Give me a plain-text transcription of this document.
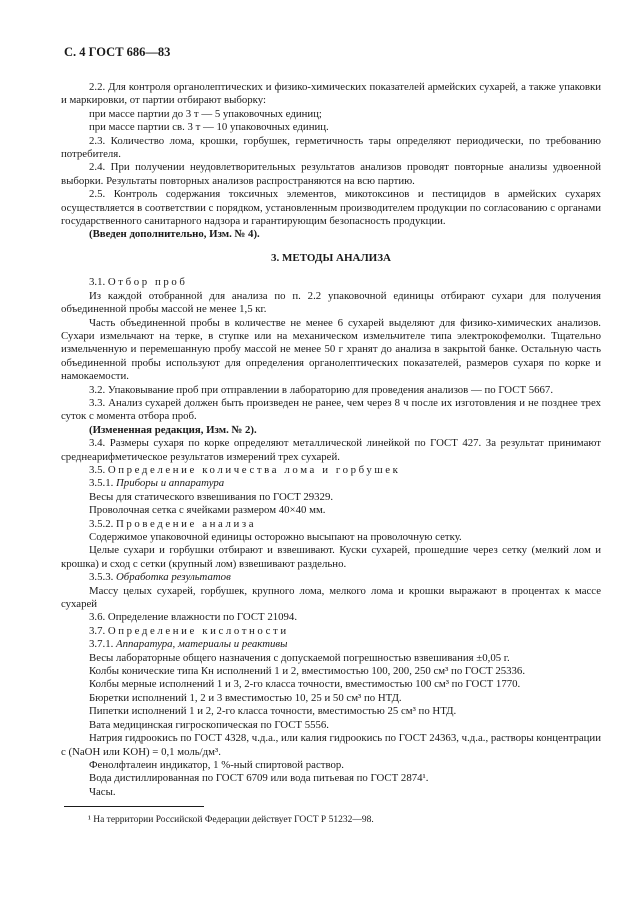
С. 4 ГОСТ 686—83

2.2. Для контроля органолептических и физико-химических показателей армейских сухарей, а также упаковки и маркировки, от партии отбирают выборку:

при массе партии до 3 т — 5 упаковочных единиц;

при массе партии св. 3 т — 10 упаковочных единиц.

2.3. Количество лома, крошки, горбушек, герметичность тары определяют периодически, по требованию потребителя.

2.4. При получении неудовлетворительных результатов анализов проводят повторные анализы удвоенной выборки. Результаты повторных анализов распространяются на всю партию.

2.5. Контроль содержания токсичных элементов, микотоксинов и пестицидов в армейских сухарях осуществляется в соответствии с порядком, установленным производителем продукции по согласованию с органами государственного санитарного надзора и гарантирующим безопасность продукции.

(Введен дополнительно, Изм. № 4).

3. МЕТОДЫ АНАЛИЗА

3.1. Отбор проб

Из каждой отобранной для анализа по п. 2.2 упаковочной единицы отбирают сухари для получения объединенной пробы массой не менее 1,5 кг.

Часть объединенной пробы в количестве не менее 6 сухарей выделяют для физико-химических анализов. Сухари измельчают на терке, в ступке или на механическом измельчителе типа электрокофемолки. Тщательно измельченную и перемешанную пробу массой не менее 50 г хранят до анализа в закрытой банке. Остальную часть объединенной пробы используют для определения органолептических показателей, размеров сухаря по корке и намокаемости.

3.2. Упаковывание проб при отправлении в лабораторию для проведения анализов — по ГОСТ 5667.

3.3. Анализ сухарей должен быть произведен не ранее, чем через 8 ч после их изготовления и не позднее трех суток с момента отбора проб.

(Измененная редакция, Изм. № 2).

3.4. Размеры сухаря по корке определяют металлической линейкой по ГОСТ 427. За результат принимают среднеарифметическое результатов измерений трех сухарей.

3.5. Определение количества лома и горбушек

3.5.1. Приборы и аппаратура

Весы для статического взвешивания по ГОСТ 29329.

Проволочная сетка с ячейками размером 40×40 мм.

3.5.2. Проведение анализа

Содержимое упаковочной единицы осторожно высыпают на проволочную сетку.

Целые сухари и горбушки отбирают и взвешивают. Куски сухарей, прошедшие через сетку (мелкий лом и крошка) и сход с сетки (крупный лом) взвешивают раздельно.

3.5.3. Обработка результатов

Массу целых сухарей, горбушек, крупного лома, мелкого лома и крошки выражают в процентах к массе сухарей

3.6. Определение влажности по ГОСТ 21094.

3.7. Определение кислотности

3.7.1. Аппаратура, материалы и реактивы

Весы лабораторные общего назначения с допускаемой погрешностью взвешивания ±0,05 г.

Колбы конические типа Кн исполнений 1 и 2, вместимостью 100, 200, 250 см³ по ГОСТ 25336.

Колбы мерные исполнений 1 и 3, 2-го класса точности, вместимостью 100 см³ по ГОСТ 1770.

Бюретки исполнений 1, 2 и 3 вместимостью 10, 25 и 50 см³ по НТД.

Пипетки исполнений 1 и 2, 2-го класса точности, вместимостью 25 см³ по НТД.

Вата медицинская гигроскопическая по ГОСТ 5556.

Натрия гидроокись по ГОСТ 4328, ч.д.а., или калия гидроокись по ГОСТ 24363, ч.д.а., растворы концентрации с (NaOH или KOH) = 0,1 моль/дм³.

Фенолфталеин индикатор, 1 %-ный спиртовой раствор.

Вода дистиллированная по ГОСТ 6709 или вода питьевая по ГОСТ 2874¹.

Часы.

¹ На территории Российской Федерации действует ГОСТ Р 51232—98.
